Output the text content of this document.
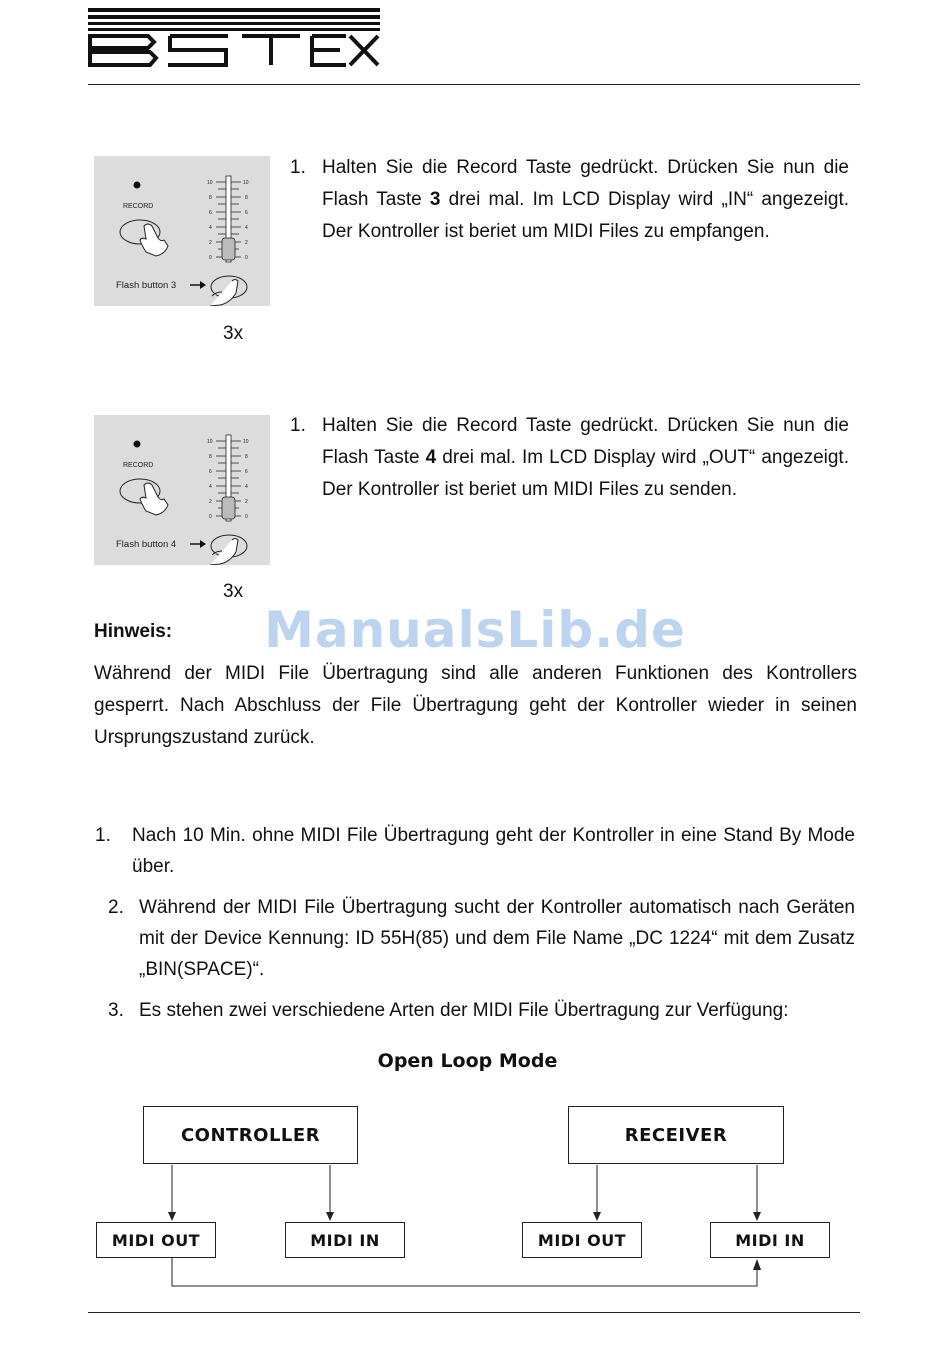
RECORD
10
8
6
4
2
0
10
8
6
4
2
0
Flash button 3
3x
1. Halten Sie die Record Taste gedrückt. Drücken Sie nun die Flash Taste 3 drei mal. Im LCD Display wird „IN“ angezeigt. Der Kontroller ist beriet um MIDI Files zu empfangen.
RECORD
10
8
6
4
2
0
10
8
6
4
2
0
Flash button 4
3x
1. Halten Sie die Record Taste gedrückt. Drücken Sie nun die Flash Taste 4 drei mal. Im LCD Display wird „OUT“ angezeigt. Der Kontroller ist beriet um MIDI Files zu senden.
ManualsLib.de
Hinweis:
Während der MIDI File Übertragung sind alle anderen Funktionen des Kontrollers gesperrt. Nach Abschluss der File Übertragung geht der Kontroller wieder in seinen Ursprungszustand zurück.
1. Nach 10 Min. ohne MIDI File Übertragung geht der Kontroller in eine Stand By Mode über.
2. Während der MIDI File Übertragung sucht der Kontroller automatisch nach Geräten mit der Device Kennung: ID 55H(85) und dem File Name „DC 1224“ mit dem Zusatz „BIN(SPACE)“.
3. Es stehen zwei verschiedene Arten der MIDI File Übertragung zur Verfügung:
Open Loop Mode
CONTROLLER	RECEIVER
MIDI OUT	MIDI IN	MIDI OUT	MIDI IN
